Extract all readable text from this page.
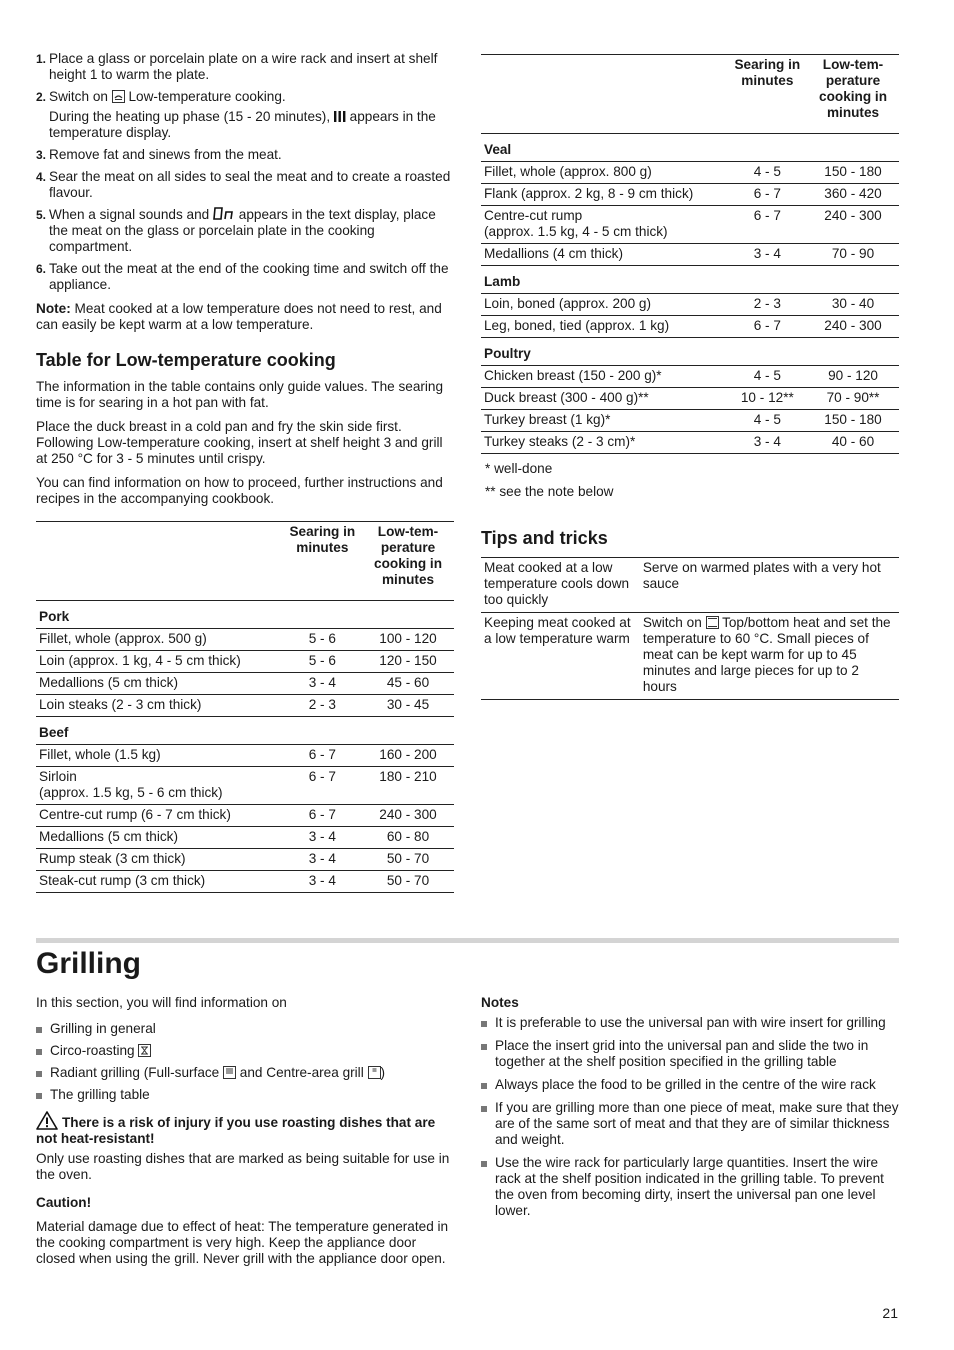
1. Place a glass or porcelain plate on a wire rack and insert at shelf height 1 to warm the plate.
2. Switch on Low-temperature cooking.
During the heating up phase (15 - 20 minutes), appears in the temperature display.
3. Remove fat and sinews from the meat.
4. Sear the meat on all sides to seal the meat and to create a roasted flavour.
5. When a signal sounds and appears in the text display, place the meat on the glass or porcelain plate in the cooking compartment.
6. Take out the meat at the end of the cooking time and switch off the appliance.

Note: Meat cooked at a low temperature does not need to rest, and can easily be kept warm at a low temperature.

Table for Low-temperature cooking

The information in the table contains only guide values. The searing time is for searing in a hot pan with fat.

Place the duck breast in a cold pan and fry the skin side first. Following Low-temperature cooking, insert at shelf height 3 and grill at 250 °C for 3 - 5 minutes until crispy.

You can find information on how to proceed, further instructions and recipes in the accompanying cookbook.

	Searing in minutes	Low-tem- perature cooking in minutes
Pork		
Fillet, whole (approx. 500 g)	5 - 6	100 - 120
Loin (approx. 1 kg, 4 - 5 cm thick)	5 - 6	120 - 150
Medallions (5 cm thick)	3 - 4	45 - 60
Loin steaks (2 - 3 cm thick)	2 - 3	30 - 45
Beef		
Fillet, whole (1.5 kg)	6 - 7	160 - 200
Sirloin
(approx. 1.5 kg, 5 - 6 cm thick)	6 - 7	180 - 210
Centre-cut rump (6 - 7 cm thick)	6 - 7	240 - 300
Medallions (5 cm thick)	3 - 4	60 - 80
Rump steak (3 cm thick)	3 - 4	50 - 70
Steak-cut rump (3 cm thick)	3 - 4	50 - 70
	Searing in minutes	Low-tem- perature cooking in minutes
Veal		
Fillet, whole (approx. 800 g)	4 - 5	150 - 180
Flank (approx. 2 kg, 8 - 9 cm thick)	6 - 7	360 - 420
Centre-cut rump
(approx. 1.5 kg, 4 - 5 cm thick)	6 - 7	240 - 300
Medallions (4 cm thick)	3 - 4	70 - 90
Lamb		
Loin, boned (approx. 200 g)	2 - 3	30 - 40
Leg, boned, tied (approx. 1 kg)	6 - 7	240 - 300
Poultry		
Chicken breast (150 - 200 g)*	4 - 5	90 - 120
Duck breast (300 - 400 g)**	10 - 12**	70 - 90**
Turkey breast (1 kg)*	4 - 5	150 - 180
Turkey steaks (2 - 3 cm)*	3 - 4	40 - 60
* well-done
** see the note below
Tips and tricks
Meat cooked at a low temperature cools down too quickly	Serve on warmed plates with a very hot sauce
Keeping meat cooked at a low temperature warm	Switch on Top/bottom heat and set the temperature to 60 °C. Small pieces of meat can be kept warm for up to 45 minutes and large pieces for up to 2 hours
Grilling

In this section, you will find information on

Grilling in general
Circo-roasting
Radiant grilling (Full-surface and Centre-area grill )
The grilling table
There is a risk of injury if you use roasting dishes that are not heat-resistant!

Only use roasting dishes that are marked as being suitable for use in the oven.

Caution!

Material damage due to effect of heat: The temperature generated in the cooking compartment is very high. Keep the appliance door closed when using the grill. Never grill with the appliance door open.

Notes
It is preferable to use the universal pan with wire insert for grilling
Place the insert grid into the universal pan and slide the two in together at the shelf position specified in the grilling table
Always place the food to be grilled in the centre of the wire rack
If you are grilling more than one piece of meat, make sure that they are of the same sort of meat and that they are of similar thickness and weight.
Use the wire rack for particularly large quantities. Insert the wire rack at the shelf position indicated in the grilling table. To prevent the oven from becoming dirty, insert the universal pan one level lower.
21
